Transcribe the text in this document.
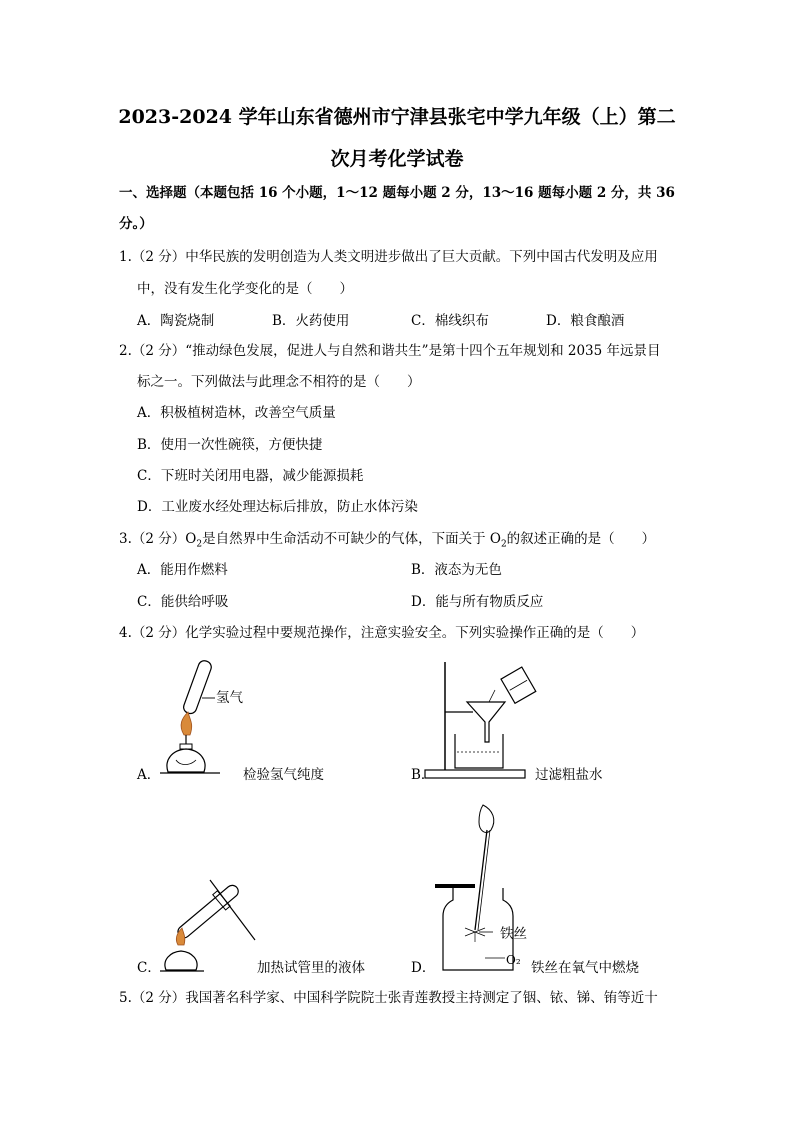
2023-2024 学年山东省德州市宁津县张宅中学九年级（上）第二
次月考化学试卷
一、选择题（本题包括 16 个小题，1～12 题每小题 2 分，13～16 题每小题 2 分，共 36
分。）
1.（2 分）中华民族的发明创造为人类文明进步做出了巨大贡献。下列中国古代发明及应用
中，没有发生化学变化的是（　　）
A．陶瓷烧制	B．火药使用	C．棉线织布	D．粮食酿酒
2.（2 分）“推动绿色发展，促进人与自然和谐共生”是第十四个五年规划和 2035 年远景目
标之一。下列做法与此理念不相符的是（　　）
A．积极植树造林，改善空气质量
B．使用一次性碗筷，方便快捷
C．下班时关闭用电器，减少能源损耗
D．工业废水经处理达标后排放，防止水体污染
3.（2 分）$O_2$是自然界中生命活动不可缺少的气体，下面关于 $O_2$的叙述正确的是（　　）
A．能用作燃料	B．液态为无色
C．能供给呼吸	D．能与所有物质反应
4.（2 分）化学实验过程中要规范操作，注意实验安全。下列实验操作正确的是（　　）
氢气
A．	检验氢气纯度	B．	过滤粗盐水
C．	加热试管里的液体
铁丝
O₂
D．	铁丝在氧气中燃烧
5.（2 分）我国著名科学家、中国科学院院士张青莲教授主持测定了铟、铱、锑、铕等近十
